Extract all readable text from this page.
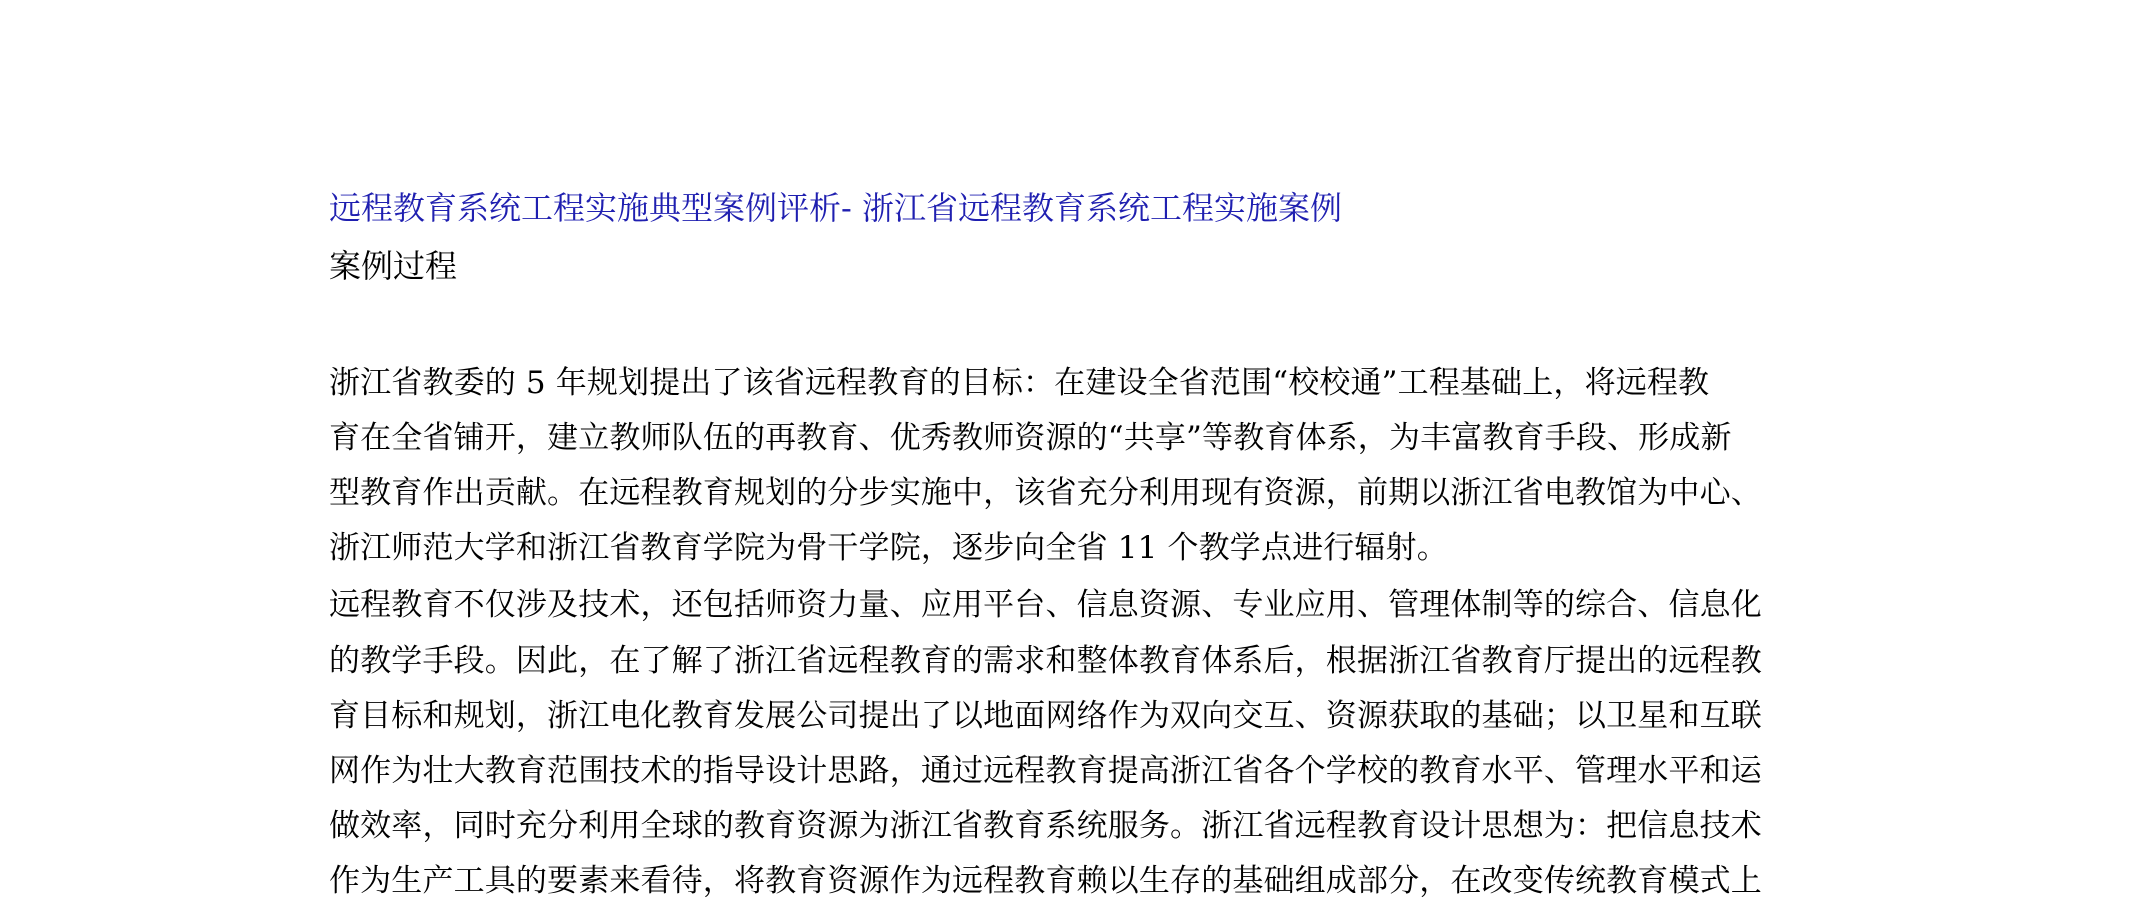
远程教育系统工程实施典型案例评析- 浙江省远程教育系统工程实施案例
案例过程
浙江省教委的 5 年规划提出了该省远程教育的目标：在建设全省范围“校校通”工程基础上，将远程教
育在全省铺开，建立教师队伍的再教育、优秀教师资源的“共享”等教育体系，为丰富教育手段、形成新
型教育作出贡献。在远程教育规划的分步实施中，该省充分利用现有资源，前期以浙江省电教馆为中心、
浙江师范大学和浙江省教育学院为骨干学院，逐步向全省 11 个教学点进行辐射。
远程教育不仅涉及技术，还包括师资力量、应用平台、信息资源、专业应用、管理体制等的综合、信息化
的教学手段。因此，在了解了浙江省远程教育的需求和整体教育体系后，根据浙江省教育厅提出的远程教
育目标和规划，浙江电化教育发展公司提出了以地面网络作为双向交互、资源获取的基础；以卫星和互联
网作为壮大教育范围技术的指导设计思路，通过远程教育提高浙江省各个学校的教育水平、管理水平和运
做效率，同时充分利用全球的教育资源为浙江省教育系统服务。浙江省远程教育设计思想为：把信息技术
作为生产工具的要素来看待，将教育资源作为远程教育赖以生存的基础组成部分，在改变传统教育模式上
